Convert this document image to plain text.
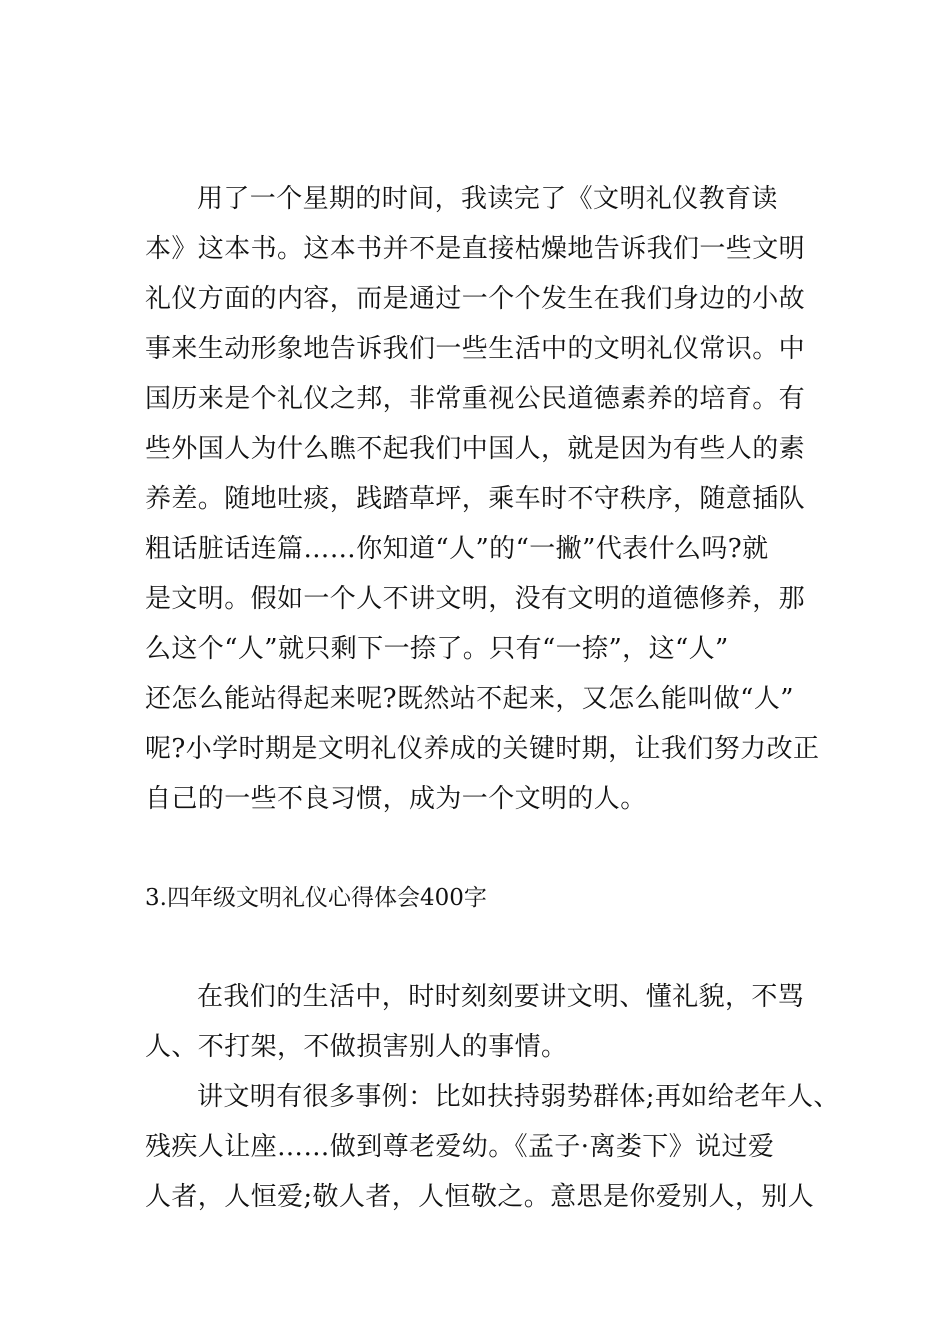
用了一个星期的时间，我读完了《文明礼仪教育读
本》这本书。这本书并不是直接枯燥地告诉我们一些文明
礼仪方面的内容，而是通过一个个发生在我们身边的小故
事来生动形象地告诉我们一些生活中的文明礼仪常识。中
国历来是个礼仪之邦，非常重视公民道德素养的培育。有
些外国人为什么瞧不起我们中国人，就是因为有些人的素
养差。随地吐痰，践踏草坪，乘车时不守秩序，随意插队
粗话脏话连篇……你知道“人”的“一撇”代表什么吗?就
是文明。假如一个人不讲文明，没有文明的道德修养，那
么这个“人”就只剩下一捺了。只有“一捺”，这“人”
还怎么能站得起来呢?既然站不起来，又怎么能叫做“人”
呢?小学时期是文明礼仪养成的关键时期，让我们努力改正
自己的一些不良习惯，成为一个文明的人。
3.四年级文明礼仪心得体会400字
在我们的生活中，时时刻刻要讲文明、懂礼貌，不骂
人、不打架，不做损害别人的事情。
讲文明有很多事例：比如扶持弱势群体;再如给老年人、
残疾人让座……做到尊老爱幼。《孟子·离娄下》说过爱
人者，人恒爱;敬人者，人恒敬之。意思是你爱别人，别人
